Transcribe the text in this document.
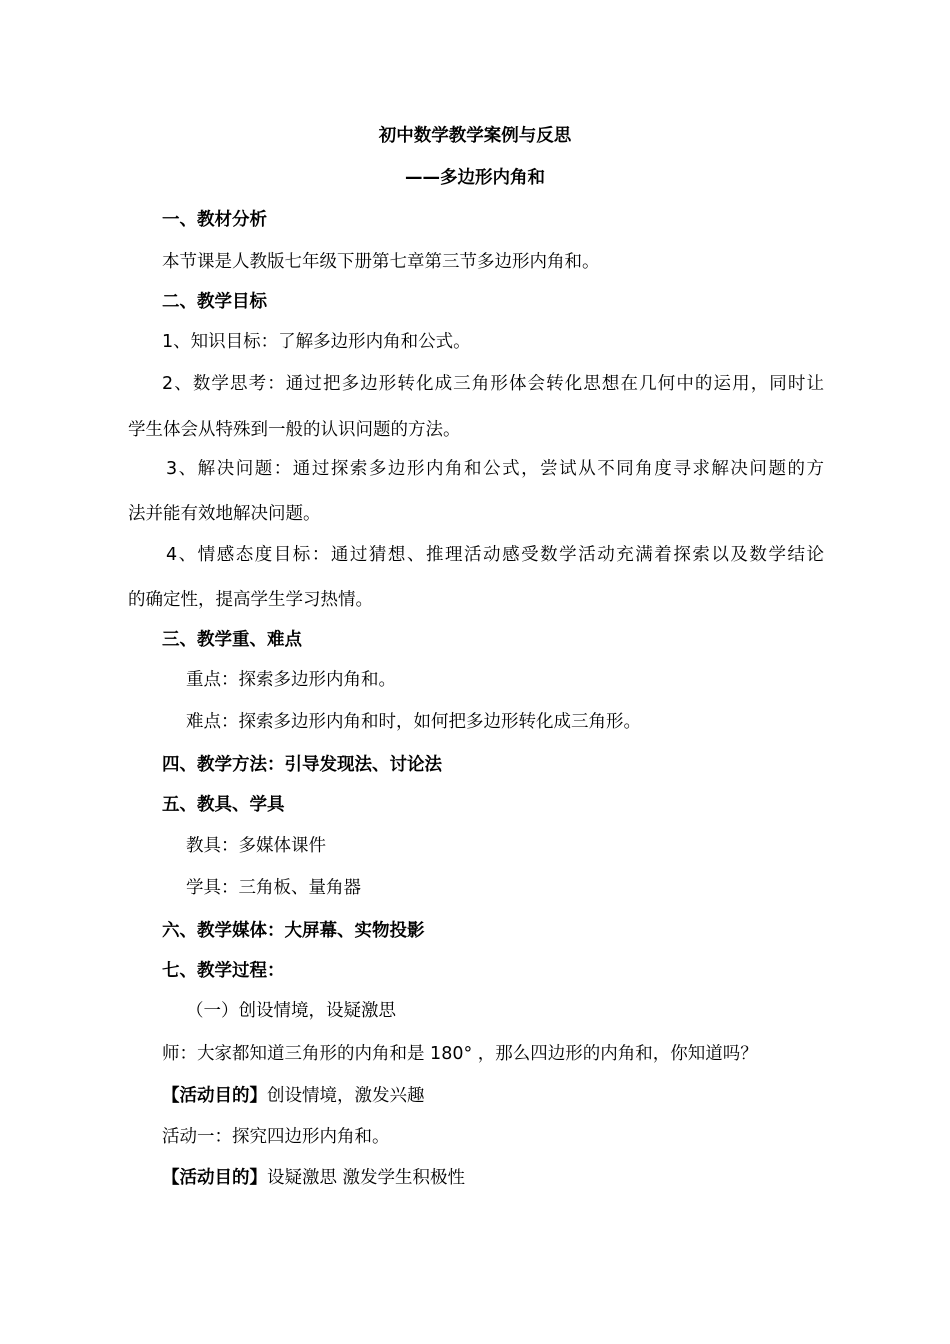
初中数学教学案例与反思
——多边形内角和
一、教材分析
本节课是人教版七年级下册第七章第三节多边形内角和。
二、教学目标
1、知识目标：了解多边形内角和公式。
2、数学思考：通过把多边形转化成三角形体会转化思想在几何中的运用，同时让
学生体会从特殊到一般的认识问题的方法。
3、解决问题：通过探索多边形内角和公式，尝试从不同角度寻求解决问题的方
法并能有效地解决问题。
4、情感态度目标：通过猜想、推理活动感受数学活动充满着探索以及数学结论
的确定性，提高学生学习热情。
三、教学重、难点
重点：探索多边形内角和。
难点：探索多边形内角和时，如何把多边形转化成三角形。
四、教学方法：引导发现法、讨论法
五、教具、学具
教具：多媒体课件
学具：三角板、量角器
六、教学媒体：大屏幕、实物投影
七、教学过程：
（一）创设情境，设疑激思
师：大家都知道三角形的内角和是 180° ，那么四边形的内角和，你知道吗？
【活动目的】创设情境，激发兴趣
活动一：探究四边形内角和。
【活动目的】设疑激思 激发学生积极性
